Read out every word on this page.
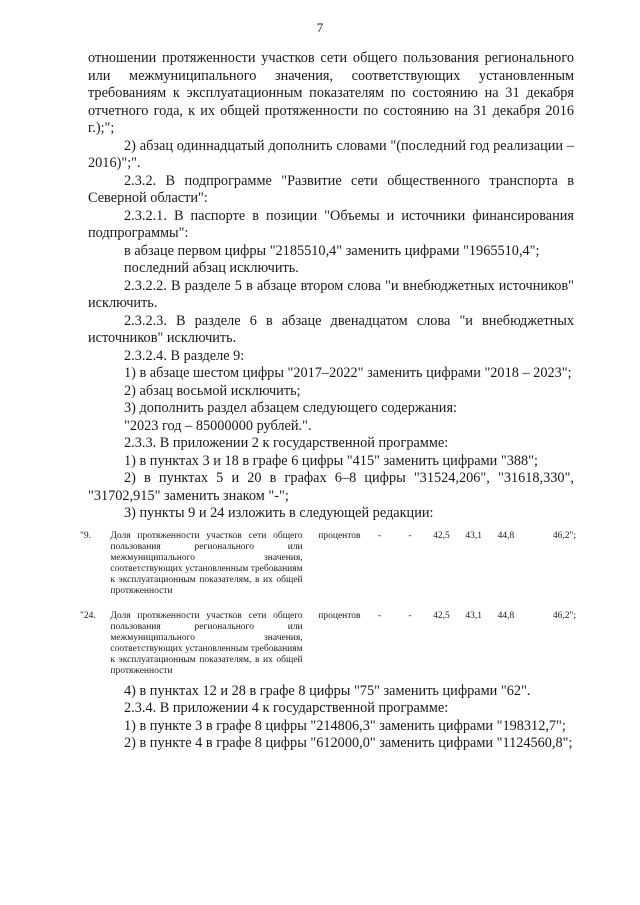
7

отношении протяженности участков сети общего пользования регионального или межмуниципального значения, соответствующих установленным требованиям к эксплуатационным показателям по состоянию на 31 декабря отчетного года, к их общей протяженности по состоянию на 31 декабря 2016 г.);";

2) абзац одиннадцатый дополнить словами "(последний год реализации – 2016)";".

2.3.2. В подпрограмме "Развитие сети общественного транспорта в Северной области":

2.3.2.1. В паспорте в позиции "Объемы и источники финансирования подпрограммы":

в абзаце первом цифры "2185510,4" заменить цифрами "1965510,4";

последний абзац исключить.

2.3.2.2. В разделе 5 в абзаце втором слова "и внебюджетных источников" исключить.

2.3.2.3. В разделе 6 в абзаце двенадцатом слова "и внебюджетных источников" исключить.

2.3.2.4. В разделе 9:

1) в абзаце шестом цифры "2017–2022" заменить цифрами "2018 – 2023";

2) абзац восьмой исключить;

3) дополнить раздел абзацем следующего содержания:

"2023 год – 85000000 рублей.".

2.3.3. В приложении 2 к государственной программе:

1) в пунктах 3 и 18 в графе 6 цифры "415" заменить цифрами "388";

2) в пунктах 5 и 20 в графах 6–8 цифры "31524,206", "31618,330", "31702,915" заменить знаком "-";

3) пункты 9 и 24 изложить в следующей редакции:

"9.	Доля протяженности участков сети общего пользования регионального или межмуниципального значения, соответствующих установленным требованиям к эксплуатационным показателям, в их общей протяженности	процентов	-	-	42,5	43,1	44,8	46,2";

"24.	Доля протяженности участков сети общего пользования регионального или межмуниципального значения, соответствующих установленным требованиям к эксплуатационным показателям, в их общей протяженности	процентов	-	-	42,5	43,1	44,8	46,2";

4) в пунктах 12 и 28 в графе 8 цифры "75" заменить цифрами "62".

2.3.4. В приложении 4 к государственной программе:

1) в пункте 3 в графе 8 цифры "214806,3" заменить цифрами "198312,7";

2) в пункте 4 в графе 8 цифры "612000,0" заменить цифрами "1124560,8";
